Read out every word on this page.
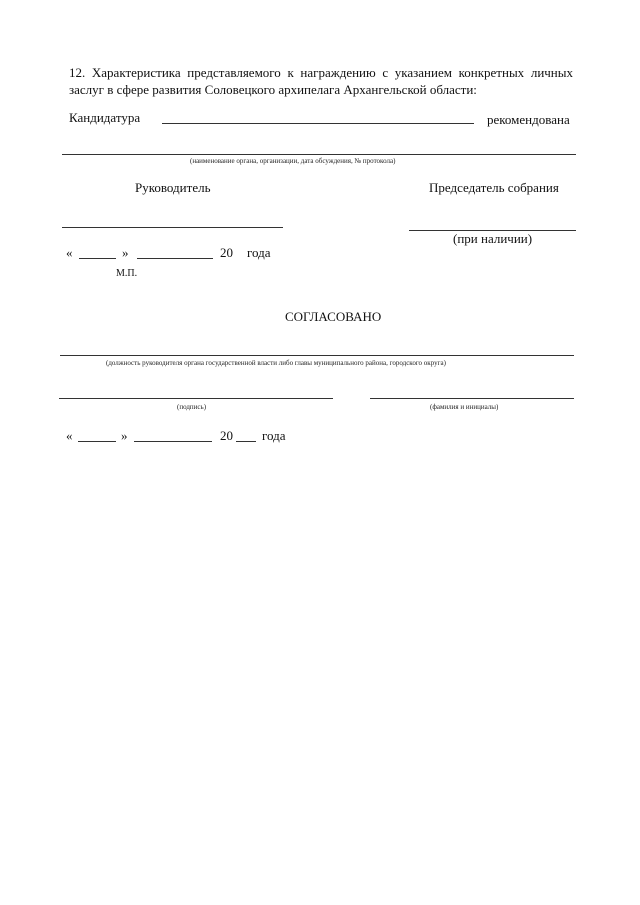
12. Характеристика представляемого к награждению с указанием конкретных личных
заслуг в сфере развития Соловецкого архипелага Архангельской области:
Кандидатура	рекомендована
(наименование органа, организации, дата обсуждения, № протокола)
Руководитель	Председатель собрания
(при наличии)
«	»	20 года
М.П.
СОГЛАСОВАНО
(должность руководителя органа государственной власти либо главы муниципального района, городского округа)
(подпись)	(фамилия и инициалы)
«	»	20 года
